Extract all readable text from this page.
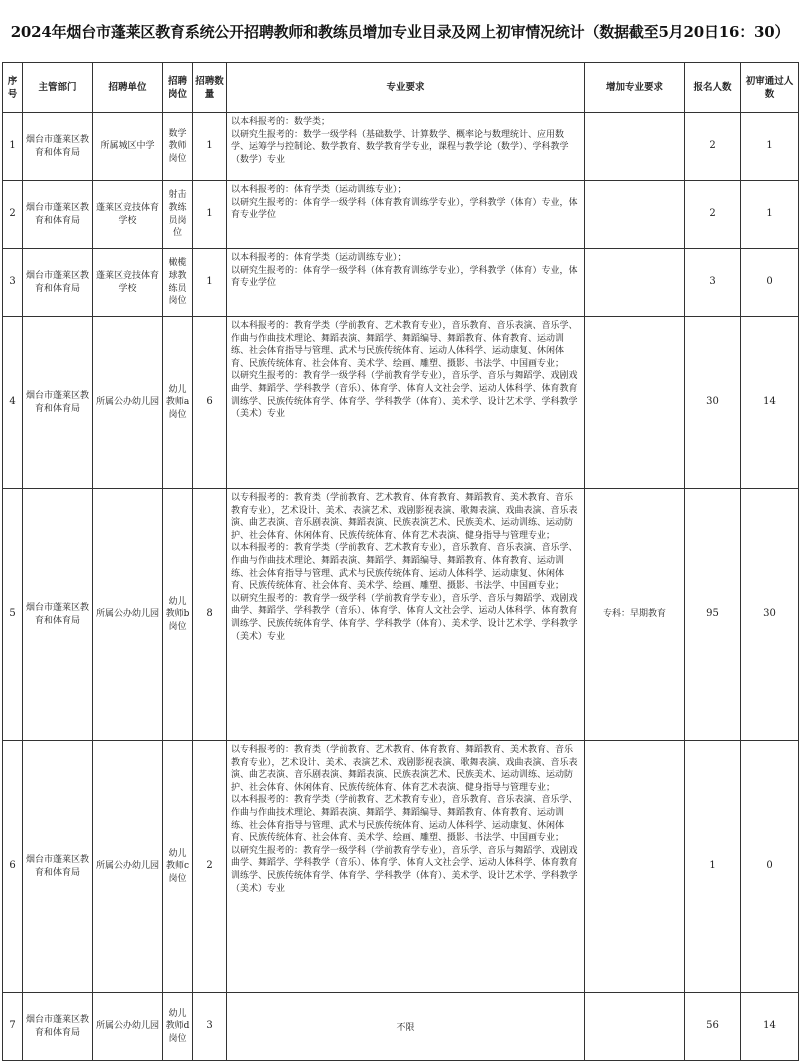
2024年烟台市蓬莱区教育系统公开招聘教师和教练员增加专业目录及网上初审情况统计（数据截至5月20日16：30）
序号	主管部门	招聘单位	招聘岗位	招聘数量	专业要求	增加专业要求	报名人数	初审通过人数
1	烟台市蓬莱区教育和体育局	所属城区中学	数学教师岗位	1	以本科报考的：数学类；
以研究生报考的：数学一级学科（基础数学、计算数学、概率论与数理统计、应用数学、运筹学与控制论、数学教育、数学教育学专业，课程与教学论（数学）、学科教学（数学）专业		2	1
2	烟台市蓬莱区教育和体育局	蓬莱区竞技体育学校	射击教练员岗位	1	以本科报考的：体育学类（运动训练专业）；
以研究生报考的：体育学一级学科（体育教育训练学专业），学科教学（体育）专业，体育专业学位		2	1
3	烟台市蓬莱区教育和体育局	蓬莱区竞技体育学校	橄榄球教练员岗位	1	以本科报考的：体育学类（运动训练专业）；
以研究生报考的：体育学一级学科（体育教育训练学专业），学科教学（体育）专业，体育专业学位		3	0
4	烟台市蓬莱区教育和体育局	所属公办幼儿园	幼儿教师a岗位	6	以本科报考的：教育学类（学前教育、艺术教育专业），音乐教育、音乐表演、音乐学、作曲与作曲技术理论、舞蹈表演、舞蹈学、舞蹈编导、舞蹈教育、体育教育、运动训练、社会体育指导与管理、武术与民族传统体育、运动人体科学、运动康复、休闲体育、民族传统体育、社会体育、美术学、绘画、雕塑、摄影、书法学、中国画专业；
以研究生报考的：教育学一级学科（学前教育学专业），音乐学、音乐与舞蹈学、戏剧戏曲学、舞蹈学、学科教学（音乐）、体育学、体育人文社会学、运动人体科学、体育教育训练学、民族传统体育学、体育学、学科教学（体育）、美术学、设计艺术学、学科教学（美术）专业		30	14
5	烟台市蓬莱区教育和体育局	所属公办幼儿园	幼儿教师b岗位	8	以专科报考的：教育类（学前教育、艺术教育、体育教育、舞蹈教育、美术教育、音乐教育专业），艺术设计、美术、表演艺术、戏剧影视表演、歌舞表演、戏曲表演、音乐表演、曲艺表演、音乐剧表演、舞蹈表演、民族表演艺术、民族美术、运动训练、运动防护、社会体育、休闲体育、民族传统体育、体育艺术表演、健身指导与管理专业；
以本科报考的：教育学类（学前教育、艺术教育专业），音乐教育、音乐表演、音乐学、作曲与作曲技术理论、舞蹈表演、舞蹈学、舞蹈编导、舞蹈教育、体育教育、运动训练、社会体育指导与管理、武术与民族传统体育、运动人体科学、运动康复、休闲体育、民族传统体育、社会体育、美术学、绘画、雕塑、摄影、书法学、中国画专业；
以研究生报考的：教育学一级学科（学前教育学专业），音乐学、音乐与舞蹈学、戏剧戏曲学、舞蹈学、学科教学（音乐）、体育学、体育人文社会学、运动人体科学、体育教育训练学、民族传统体育学、体育学、学科教学（体育）、美术学、设计艺术学、学科教学（美术）专业	专科：早期教育	95	30
6	烟台市蓬莱区教育和体育局	所属公办幼儿园	幼儿教师c岗位	2	以专科报考的：教育类（学前教育、艺术教育、体育教育、舞蹈教育、美术教育、音乐教育专业），艺术设计、美术、表演艺术、戏剧影视表演、歌舞表演、戏曲表演、音乐表演、曲艺表演、音乐剧表演、舞蹈表演、民族表演艺术、民族美术、运动训练、运动防护、社会体育、休闲体育、民族传统体育、体育艺术表演、健身指导与管理专业；
以本科报考的：教育学类（学前教育、艺术教育专业），音乐教育、音乐表演、音乐学、作曲与作曲技术理论、舞蹈表演、舞蹈学、舞蹈编导、舞蹈教育、体育教育、运动训练、社会体育指导与管理、武术与民族传统体育、运动人体科学、运动康复、休闲体育、民族传统体育、社会体育、美术学、绘画、雕塑、摄影、书法学、中国画专业；
以研究生报考的：教育学一级学科（学前教育学专业），音乐学、音乐与舞蹈学、戏剧戏曲学、舞蹈学、学科教学（音乐）、体育学、体育人文社会学、运动人体科学、体育教育训练学、民族传统体育学、体育学、学科教学（体育）、美术学、设计艺术学、学科教学（美术）专业		1	0
7	烟台市蓬莱区教育和体育局	所属公办幼儿园	幼儿教师d岗位	3	不限		56	14
